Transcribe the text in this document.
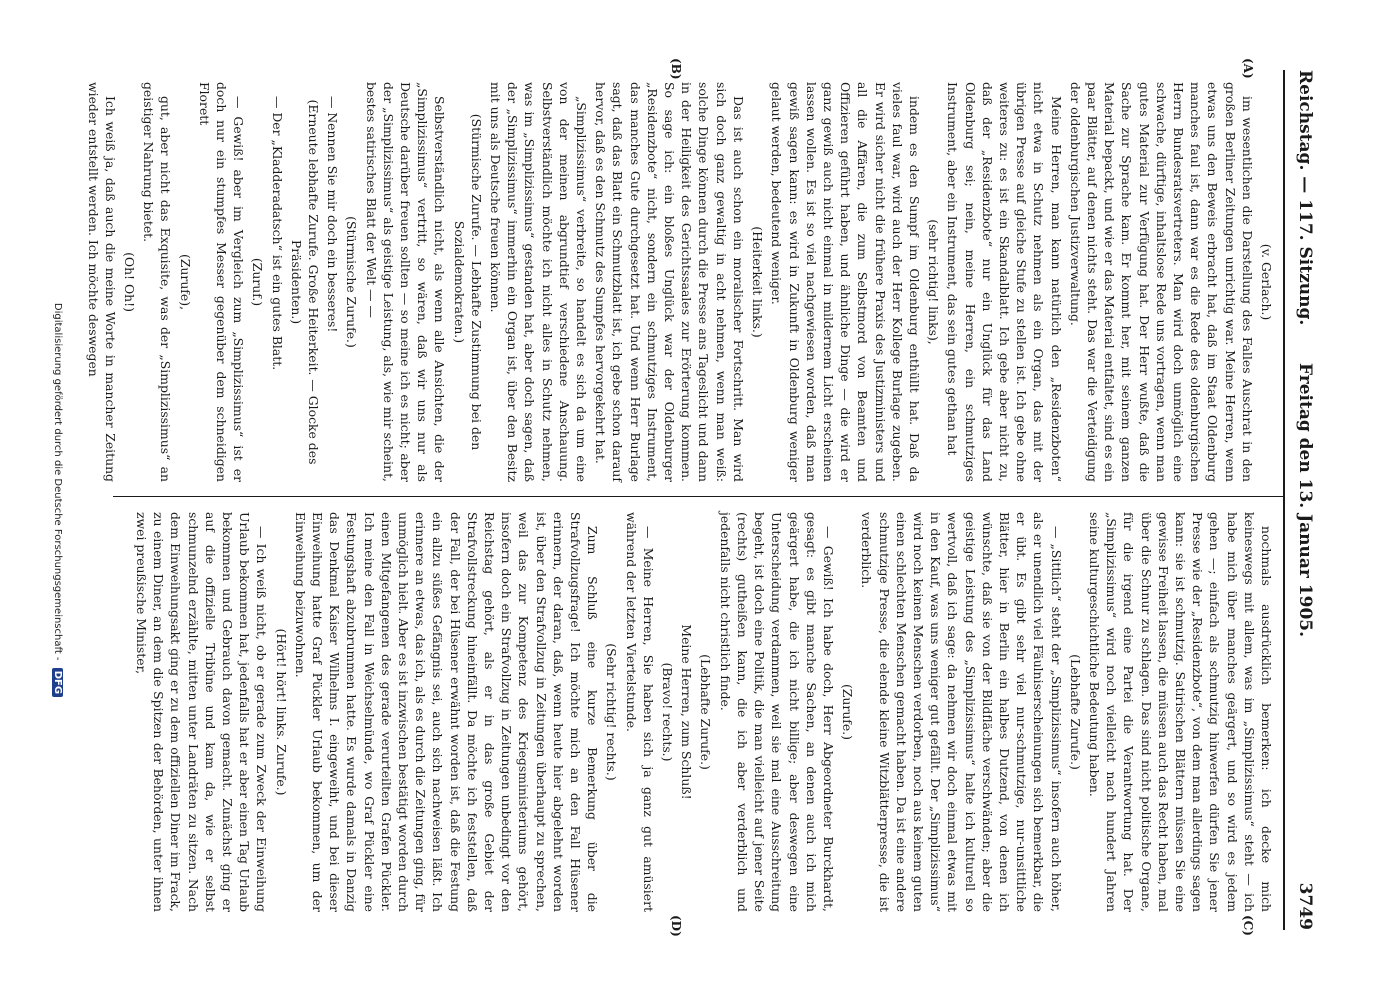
Reichstag. — 117. Sitzung.
Freitag den 13. Januar 1905.
3749
(A)
(B)
(C)
(D)

(v. Gerlach.)

im wesentlichen die Darstellung des Falles Auschrat in den großen Berliner Zeitungen unrichtig war. Meine Herren, wenn etwas uns den Beweis erbracht hat, daß im Staat Oldenburg manches faul ist, dann war es die Rede des oldenburgischen Herrn Bundesratsvertreters. Man wird doch unmöglich eine schwache, dürftige, inhaltslose Rede uns vortragen, wenn man gutes Material zur Verfügung hat. Der Herr wußte, daß die Sache zur Sprache kam. Er kommt her, mit seinem ganzen Material bepackt, und wie er das Material entfaltet, sind es ein paar Blätter, auf denen nichts steht. Das war die Verteidigung der oldenburgischen Justizverwaltung.

Meine Herren, man kann natürlich den „Residenzboten“ nicht etwa in Schutz nehmen als ein Organ, das mit der übrigen Presse auf gleiche Stufe zu stellen ist. Ich gebe ohne weiteres zu: es ist ein Skandalblatt. Ich gebe aber nicht zu, daß der „Residenzbote“ nur ein Unglück für das Land Oldenburg sei; nein, meine Herren, ein schmutziges Instrument, aber ein Instrument, das sein gutes gethan hat

(sehr richtig! links),

indem es den Sumpf im Oldenburg enthüllt hat. Daß da vieles faul war, wird auch der Herr Kollege Burlage zugeben. Er wird sicher nicht die frühere Praxis des Justizministers und all die Affären, die zum Selbstmord von Beamten und Offizieren geführt haben, und ähnliche Dinge — die wird er ganz gewiß auch nicht einmal in mildernem Licht erscheinen lassen wollen. Es ist so viel nachgewiesen worden, daß man gewiß sagen kann: es wird in Zukunft in Oldenburg weniger gelaut werden, bedeutend weniger.

(Heiterkeit links.)

Das ist auch schon ein moralischer Fortschritt. Man wird sich doch ganz gewaltig in acht nehmen, wenn man weiß: solche Dinge können durch die Presse ans Tageslicht und dann in der Heiligkeit des Gerichtssaales zur Erörterung kommen. So sage ich: ein bloßes Unglück war der Oldenburger „Residenzbote“ nicht, sondern ein schmutziges Instrument, das manches Gute durchgesetzt hat. Und wenn Herr Burlage sagt, daß das Blatt ein Schmutzblatt ist, ich gebe schon darauf hervor, daß es den Schmutz des Sumpfes hervorgekehrt hat.

„Simplizissimus“ verbreite, so handelt es sich da um eine von der meinen abgrundtief verschiedene Anschauung. Selbstverständlich möchte ich nicht alles in Schutz nehmen, was im „Simplizissimus“ gestanden hat, aber doch sagen, daß der „Simplizissimus“ immerhin ein Organ ist, über den Besitz mit uns als Deutsche freuen können.

(Stürmische Zurufe. — Lebhafte Zustimmung bei den Sozialdemokraten.)

Selbstverständlich nicht, als wenn alle Ansichten, die der „Simplizissimus“ vertritt, so wären, daß wir uns nur als Deutsche darüber freuen sollten — so meine ich es nicht; aber der „Simplizissimus“ als geistige Leistung, als, wie mir scheint, bestes satirisches Blatt der Welt — —

(Stürmische Zurufe.)

— Nennen Sie mir doch ein besseres!

(Erneute lebhafte Zurufe. Große Heiterkeit. — Glocke des Präsidenten.)

— Der „Kladderadatsch“ ist ein gutes Blatt.

(Zuruf.)

— Gewiß! aber im Vergleich zum „Simplizissimus“ ist er doch nur ein stumpfes Messer gegenüber dem schneidigen Florett

(Zurufe),

gut, aber nicht das Exquisite, was der „Simplizissimus“ an geistiger Nahrung bietet.

(Oh! Oh!)

Ich weiß ja, daß auch die meine Worte in mancher Zeitung wieder entstellt werden. Ich möchte deswegen

nochmals ausdrücklich bemerken: ich decke mich keineswegs mit allem, was im „Simplizissimus“ steht — ich habe mich über manches geärgert, und so wird es jedem gehen —; einfach als schmutzig hinwerfen dürfen Sie jener Presse wie der „Residenzbote“, von dem man allerdings sagen kann: sie ist schmutzig. Satirischen Blättern müssen Sie eine gewisse Freiheit lassen, die müssen auch das Recht haben, mal über die Schnur zu schlagen. Das sind nicht politische Organe, für die irgend eine Partei die Verantwortung hat. Der „Simplizissimus“ wird noch vielleicht nach hundert Jahren seine kulturgeschichtliche Bedeutung haben.

(Lebhafte Zurufe.)

— „Sittlich“ steht der „Simplizissimus“ insofern auch höher, als er unendlich viel Fäulniserscheinungen sich bemerkbar, die er übt. Es gibt sehr viel nur-schmutzige, nur-unsittliche Blätter, hier in Berlin ein halbes Dutzend, von denen ich wünschte, daß sie von der Bildfläche verschwänden; aber die geistige Leistung des „Simplizissimus“ halte ich kulturell so wertvoll, daß ich sage: da nehmen wir doch einmal etwas mit in den Kauf, was uns weniger gut gefällt. Der „Simplizissimus“ wird noch keinen Menschen verdorben, noch aus keinem guten einen schlechten Menschen gemacht haben. Da ist eine andere schmutzige Presse, die elende kleine Witzblätterpresse, die ist verderblich.

(Zurufe.)

— Gewiß! Ich habe doch, Herr Abgeordneter Burckhardt, gesagt: es gibt manche Sachen, an denen auch ich mich geärgert habe, die ich nicht billige; aber deswegen eine Unterscheidung verdammen, weil sie mal eine Ausschreitung begeht, ist doch eine Politik, die man vielleicht auf jener Seite (rechts) gutheißen kann, die ich aber verderblich und jedenfalls nicht christlich finde.

(Lebhafte Zurufe.)

Meine Herren, zum Schluß!

(Bravo! rechts.)

— Meine Herren, Sie haben sich ja ganz gut amüsiert während der letzten Viertelstunde.

(Sehr richtig! rechts.)

Zum Schluß eine kurze Bemerkung über die Strafvollzugsfrage! Ich möchte mich an den Fall Hüsener erinnern, der daran, daß, wenn heute hier abgelehnt worden ist, über den Strafvollzug in Zeitungen überhaupt zu sprechen, weil das zur Kompetenz des Kriegsministeriums gehört, insofern doch ein Strafvollzug in Zeitungen unbedingt vor den Reichstag gehört, als er in das große Gebiet der Strafvollstreckung hineinfällt. Da möchte ich feststellen, daß der Fall, der bei Hüsener erwähnt worden ist, daß die Festung ein allzu süßes Gefängnis sei, auch sich nachweisen läßt. Ich erinnere an etwas, das ich, als es durch die Zeitungen ging, für unmöglich hielt. Aber es ist inzwischen bestätigt worden durch einen Mitgefangenen des gerade verurteilten Grafen Pückler. Ich meine den Fall in Weichselmünde, wo Graf Pückler eine Festungshaft abzubrummen hatte. Es wurde damals in Danzig das Denkmal Kaiser Wilhelms I. eingeweiht, und bei dieser Einweihung hatte Graf Pückler Urlaub bekommen, um der Einweihung beizuwohnen.

(Hört! hört! links. Zurufe.)

— Ich weiß nicht, ob er gerade zum Zweck der Einweihung Urlaub bekommen hat, jedenfalls hat er aber einen Tag Urlaub bekommen und Gebrauch davon gemacht. Zunächst ging er auf die offizielle Tribüne und kam da, wie er selbst schmunzelnd erzählte, mitten unter Landräten zu sitzen. Nach dem Einweihungsakt ging er zu dem offiziellen Diner im Frack, zu einem Diner, an dem die Spitzen der Behörden, unter ihnen zwei preußische Minister,

Digitalisierung gefördert durch die Deutsche Forschungsgemeinschaft - DFG
